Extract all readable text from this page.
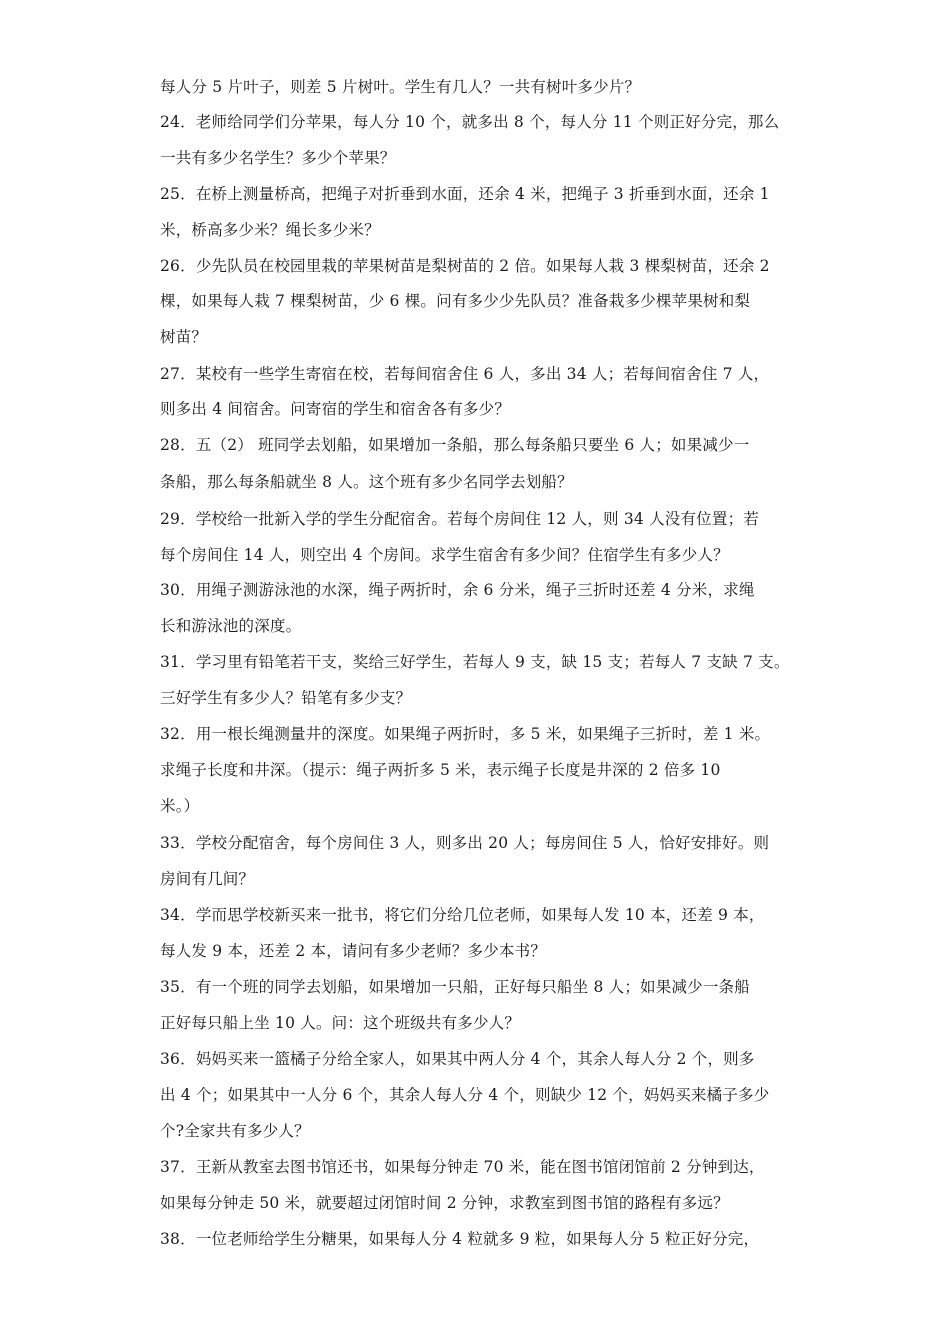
每人分 5 片叶子，则差 5 片树叶。学生有几人？一共有树叶多少片？
24．老师给同学们分苹果，每人分 10 个，就多出 8 个，每人分 11 个则正好分完，那么
一共有多少名学生？多少个苹果？
25．在桥上测量桥高，把绳子对折垂到水面，还余 4 米，把绳子 3 折垂到水面，还余 1
米，桥高多少米？绳长多少米？
26．少先队员在校园里栽的苹果树苗是梨树苗的 2 倍。如果每人栽 3 棵梨树苗，还余 2
棵，如果每人栽 7 棵梨树苗，少 6 棵。问有多少少先队员？准备栽多少棵苹果树和梨
树苗？
27．某校有一些学生寄宿在校，若每间宿舍住 6 人，多出 34 人；若每间宿舍住 7 人，
则多出 4 间宿舍。问寄宿的学生和宿舍各有多少？
28．五（2） 班同学去划船，如果增加一条船，那么每条船只要坐 6 人；如果减少一
条船，那么每条船就坐 8 人。这个班有多少名同学去划船？
29．学校给一批新入学的学生分配宿舍。若每个房间住 12 人，则 34 人没有位置；若
每个房间住 14 人，则空出 4 个房间。求学生宿舍有多少间？住宿学生有多少人？
30．用绳子测游泳池的水深，绳子两折时，余 6 分米，绳子三折时还差 4 分米，求绳
长和游泳池的深度。
31．学习里有铅笔若干支，奖给三好学生，若每人 9 支，缺 15 支；若每人 7 支缺 7 支。
三好学生有多少人？铅笔有多少支？
32．用一根长绳测量井的深度。如果绳子两折时，多 5 米，如果绳子三折时，差 1 米。
求绳子长度和井深。（提示：绳子两折多 5 米，表示绳子长度是井深的 2 倍多 10
米。）
33．学校分配宿舍，每个房间住 3 人，则多出 20 人；每房间住 5 人，恰好安排好。则
房间有几间？
34．学而思学校新买来一批书，将它们分给几位老师，如果每人发 10 本，还差 9 本，
每人发 9 本，还差 2 本，请问有多少老师？多少本书？
35．有一个班的同学去划船，如果增加一只船，正好每只船坐 8 人；如果减少一条船
正好每只船上坐 10 人。问：这个班级共有多少人？
36．妈妈买来一篮橘子分给全家人，如果其中两人分 4 个，其余人每人分 2 个，则多
出 4 个；如果其中一人分 6 个，其余人每人分 4 个，则缺少 12 个，妈妈买来橘子多少
个?全家共有多少人？
37．王新从教室去图书馆还书，如果每分钟走 70 米，能在图书馆闭馆前 2 分钟到达，
如果每分钟走 50 米，就要超过闭馆时间 2 分钟，求教室到图书馆的路程有多远？
38．一位老师给学生分糖果，如果每人分 4 粒就多 9 粒，如果每人分 5 粒正好分完，
